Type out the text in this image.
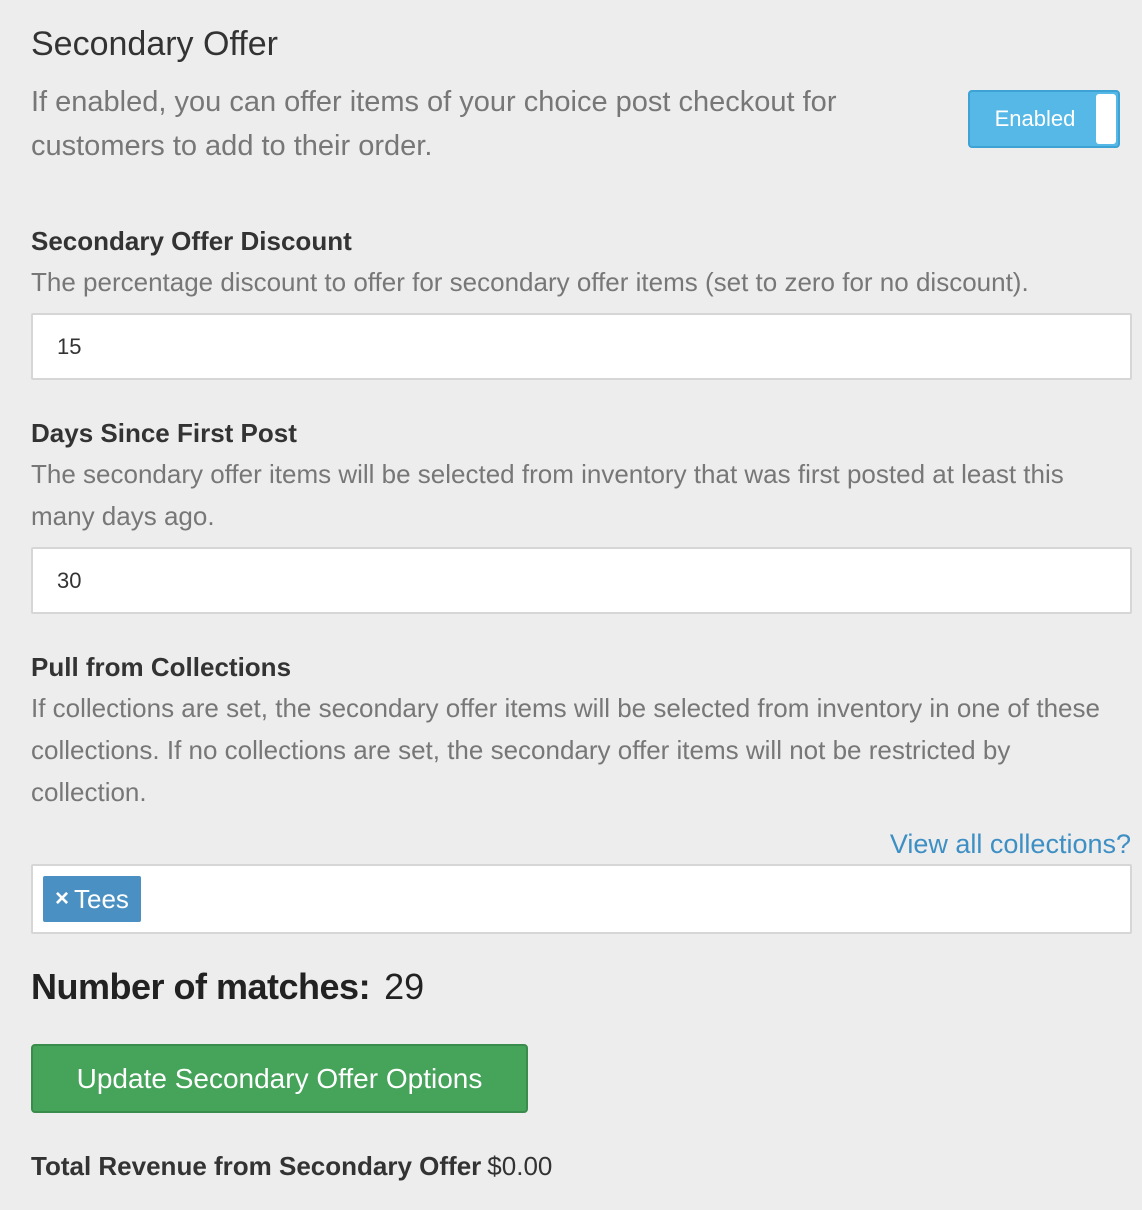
Secondary Offer

If enabled, you can offer items of your choice post checkout for customers to add to their order.

Enabled
Secondary Offer Discount

The percentage discount to offer for secondary offer items (set to zero for no discount).

15
Days Since First Post

The secondary offer items will be selected from inventory that was first posted at least this many days ago.

30
Pull from Collections

If collections are set, the secondary offer items will be selected from inventory in one of these collections. If no collections are set, the secondary offer items will not be restricted by collection.

View all collections?
× Tees

Number of matches: 29

Update Secondary Offer Options

Total Revenue from Secondary Offer $0.00
